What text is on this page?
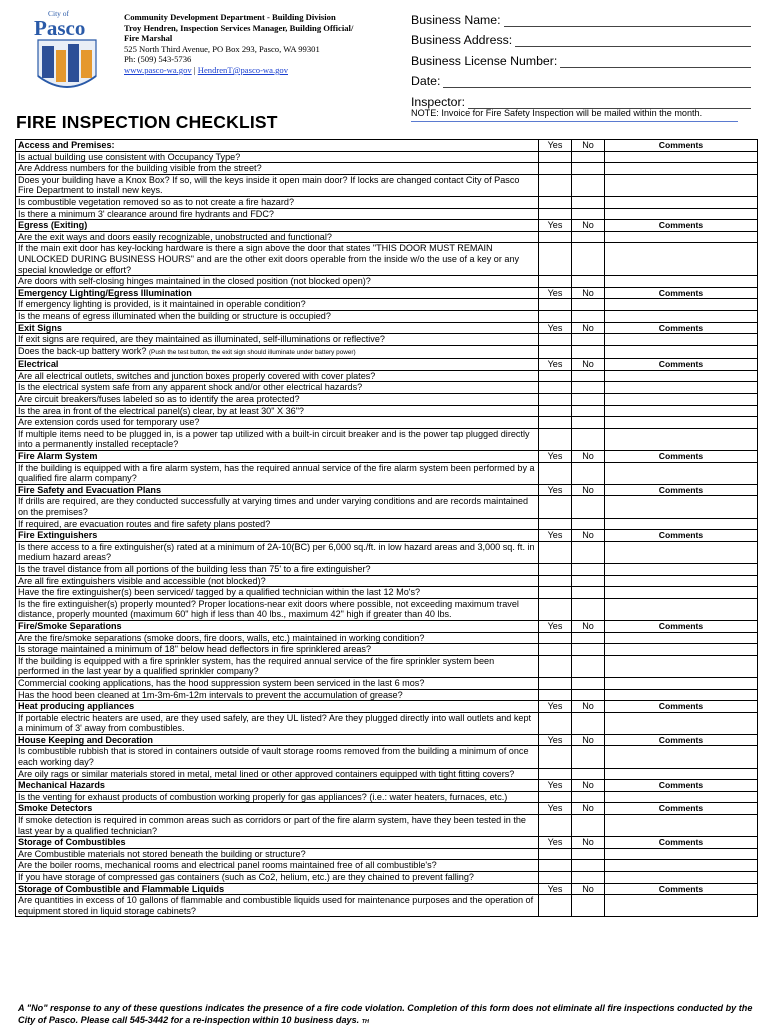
City of
Pasco	Community Development Department - Building Division
Troy Hendren, Inspection Services Manager, Building Official/
Fire Marshal
525 North Third Avenue, PO Box 293, Pasco, WA 99301
Ph: (509) 543-5736
www.pasco-wa.gov | HendrenT@pasco-wa.gov
Business Name:
Business Address:
Business License Number:
Date:
Inspector:
NOTE: Invoice for Fire Safety Inspection will be mailed within the month.
FIRE INSPECTION CHECKLIST
Access and Premises:	Yes	No	Comments
Is actual building use consistent with Occupancy Type?
Are Address numbers for the building visible from the street?
Does your building have a Knox Box? If so, will the keys inside it open main door? If locks are changed contact City of Pasco Fire Department to install new keys.
Is combustible vegetation removed so as to not create a fire hazard?
Is there a minimum 3' clearance around fire hydrants and FDC?
Egress (Exiting)	Yes	No	Comments
Are the exit ways and doors easily recognizable, unobstructed and functional?
If the main exit door has key-locking hardware is there a sign above the door that states "THIS DOOR MUST REMAIN UNLOCKED DURING BUSINESS HOURS" and are the other exit doors operable from the inside w/o the use of a key or any special knowledge or effort?
Are doors with self-closing hinges maintained in the closed position (not blocked open)?
Emergency Lighting/Egress Illumination	Yes	No	Comments
If emergency lighting is provided, is it maintained in operable condition?
Is the means of egress illuminated when the building or structure is occupied?
Exit Signs	Yes	No	Comments
If exit signs are required, are they maintained as illuminated, self-illuminations or reflective?
Does the back-up battery work? (Push the test button, the exit sign should illuminate under battery power)
Electrical	Yes	No	Comments
Are all electrical outlets, switches and junction boxes properly covered with cover plates?
Is the electrical system safe from any apparent shock and/or other electrical hazards?
Are circuit breakers/fuses labeled so as to identify the area protected?
Is the area in front of the electrical panel(s) clear, by at least 30" X 36"?
Are extension cords used for temporary use?
If multiple items need to be plugged in, is a power tap utilized with a built-in circuit breaker and is the power tap plugged directly into a permanently installed receptacle?
Fire Alarm System	Yes	No	Comments
If the building is equipped with a fire alarm system, has the required annual service of the fire alarm system been performed by a qualified fire alarm company?
Fire Safety and Evacuation Plans	Yes	No	Comments
If drills are required, are they conducted successfully at varying times and under varying conditions and are records maintained on the premises?
If required, are evacuation routes and fire safety plans posted?
Fire Extinguishers	Yes	No	Comments
Is there access to a fire extinguisher(s) rated at a minimum of 2A-10(BC) per 6,000 sq./ft. in low hazard areas and 3,000 sq. ft. in medium hazard areas?
Is the travel distance from all portions of the building less than 75' to a fire extinguisher?
Are all fire extinguishers visible and accessible (not blocked)?
Have the fire extinguisher(s) been serviced/ tagged by a qualified technician within the last 12 Mo's?
Is the fire extinguisher(s) properly mounted? Proper locations-near exit doors where possible, not exceeding maximum travel distance, properly mounted (maximum 60" high if less than 40 lbs., maximum 42" high if greater than 40 lbs.
Fire/Smoke Separations	Yes	No	Comments
Are the fire/smoke separations (smoke doors, fire doors, walls, etc.) maintained in working condition?
Is storage maintained a minimum of 18" below head deflectors in fire sprinklered areas?
If the building is equipped with a fire sprinkler system, has the required annual service of the fire sprinkler system been performed in the last year by a qualified sprinkler company?
Commercial cooking applications, has the hood suppression system been serviced in the last 6 mos?
Has the hood been cleaned at 1m-3m-6m-12m intervals to prevent the accumulation of grease?
Heat producing appliances	Yes	No	Comments
If portable electric heaters are used, are they used safely, are they UL listed? Are they plugged directly into wall outlets and kept a minimum of 3' away from combustibles.
House Keeping and Decoration	Yes	No	Comments
Is combustible rubbish that is stored in containers outside of vault storage rooms removed from the building a minimum of once each working day?
Are oily rags or similar materials stored in metal, metal lined or other approved containers equipped with tight fitting covers?
Mechanical Hazards	Yes	No	Comments
Is the venting for exhaust products of combustion working properly for gas appliances? (i.e.: water heaters, furnaces, etc.)
Smoke Detectors	Yes	No	Comments
If smoke detection is required in common areas such as corridors or part of the fire alarm system, have they been tested in the last year by a qualified technician?
Storage of Combustibles	Yes	No	Comments
Are Combustible materials not stored beneath the building or structure?
Are the boiler rooms, mechanical rooms and electrical panel rooms maintained free of all combustible's?
If you have storage of compressed gas containers (such as Co2, helium, etc.) are they chained to prevent falling?
Storage of Combustible and Flammable Liquids	Yes	No	Comments
Are quantities in excess of 10 gallons of flammable and combustible liquids used for maintenance purposes and the operation of equipment stored in liquid storage cabinets?
A "No" response to any of these questions indicates the presence of a fire code violation. Completion of this form does not eliminate all fire inspections conducted by the City of Pasco. Please call 545-3442 for a re-inspection within 10 business days. TH
